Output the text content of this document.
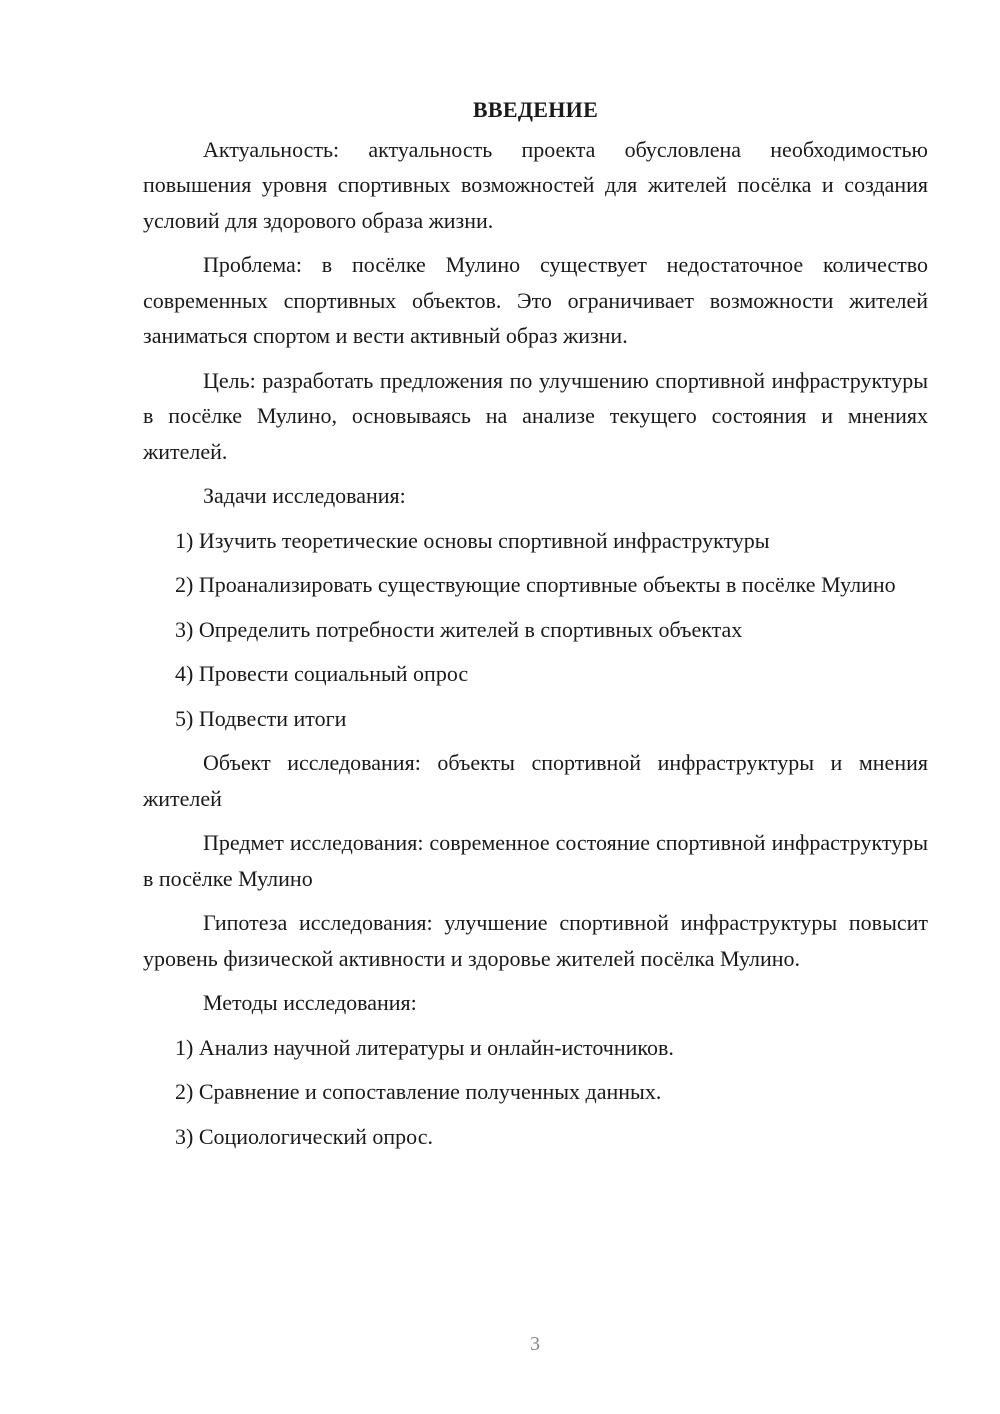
ВВЕДЕНИЕ

Актуальность: актуальность проекта обусловлена необходимостью повышения уровня спортивных возможностей для жителей посёлка и создания условий для здорового образа жизни.

Проблема: в посёлке Мулино существует недостаточное количество современных спортивных объектов. Это ограничивает возможности жителей заниматься спортом и вести активный образ жизни.

Цель: разработать предложения по улучшению спортивной инфраструктуры в посёлке Мулино, основываясь на анализе текущего состояния и мнениях жителей.

Задачи исследования:

1) Изучить теоретические основы спортивной инфраструктуры

2) Проанализировать существующие спортивные объекты в посёлке Мулино

3) Определить потребности жителей в спортивных объектах

4) Провести социальный опрос

5) Подвести итоги

Объект исследования: объекты спортивной инфраструктуры и мнения жителей

Предмет исследования: современное состояние спортивной инфраструктуры в посёлке Мулино

Гипотеза исследования: улучшение спортивной инфраструктуры повысит уровень физической активности и здоровье жителей посёлка Мулино.

Методы исследования:

1) Анализ научной литературы и онлайн-источников.

2) Сравнение и сопоставление полученных данных.

3) Социологический опрос.

3
